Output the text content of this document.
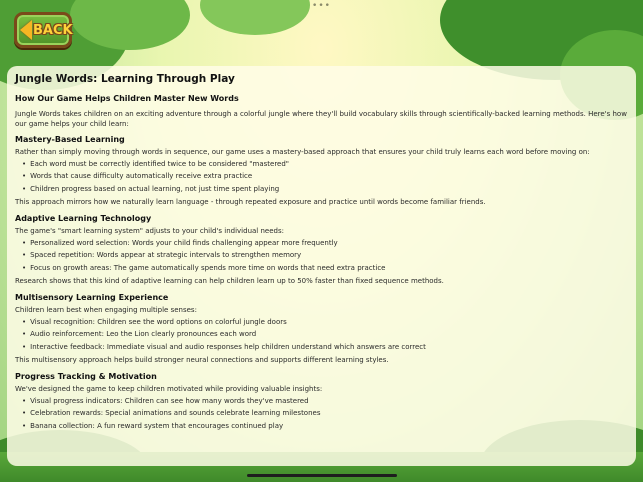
•••
BACK
Jungle Words: Learning Through Play
How Our Game Helps Children Master New Words

Jungle Words takes children on an exciting adventure through a colorful jungle where they'll build vocabulary skills through scientifically-backed learning methods. Here's how our game helps your child learn:

Mastery-Based Learning

Rather than simply moving through words in sequence, our game uses a mastery-based approach that ensures your child truly learns each word before moving on:

• Each word must be correctly identified twice to be considered "mastered"
• Words that cause difficulty automatically receive extra practice
• Children progress based on actual learning, not just time spent playing

This approach mirrors how we naturally learn language - through repeated exposure and practice until words become familiar friends.

Adaptive Learning Technology

The game's "smart learning system" adjusts to your child's individual needs:

• Personalized word selection: Words your child finds challenging appear more frequently
• Spaced repetition: Words appear at strategic intervals to strengthen memory
• Focus on growth areas: The game automatically spends more time on words that need extra practice

Research shows that this kind of adaptive learning can help children learn up to 50% faster than fixed sequence methods.

Multisensory Learning Experience

Children learn best when engaging multiple senses:

• Visual recognition: Children see the word options on colorful jungle doors
• Audio reinforcement: Leo the Lion clearly pronounces each word
• Interactive feedback: Immediate visual and audio responses help children understand which answers are correct

This multisensory approach helps build stronger neural connections and supports different learning styles.

Progress Tracking & Motivation

We've designed the game to keep children motivated while providing valuable insights:

• Visual progress indicators: Children can see how many words they've mastered
• Celebration rewards: Special animations and sounds celebrate learning milestones
• Banana collection: A fun reward system that encourages continued play
